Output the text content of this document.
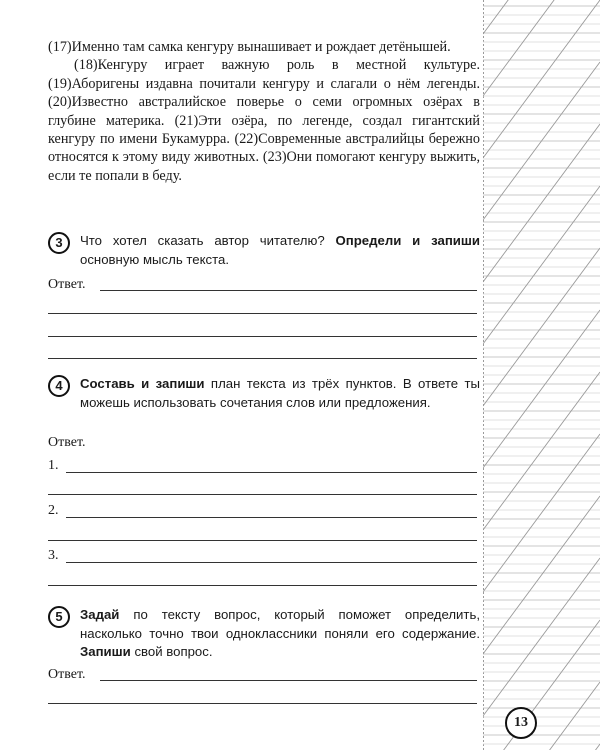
(17)Именно там самка кенгуру вынашивает и рождает детёнышей.

(18)Кенгуру играет важную роль в местной культуре. (19)Аборигены издавна почитали кенгуру и слагали о нём легенды. (20)Известно австралийское поверье о семи огромных озёрах в глубине материка. (21)Эти озёра, по легенде, создал гигантский кенгуру по имени Букамурра. (22)Современные австралийцы бережно относятся к этому виду животных. (23)Они помогают кенгуру выжить, если те попали в беду.

3	Что хотел сказать автор читателю? Определи и запиши основную мысль текста.
Ответ.
4	Составь и запиши план текста из трёх пунктов. В ответе ты можешь использовать сочетания слов или предложения.
Ответ.
1.
2.
3.
5	Задай по тексту вопрос, который поможет определить, насколько точно твои одноклассники поняли его содержание. Запиши свой вопрос.
Ответ.
13
